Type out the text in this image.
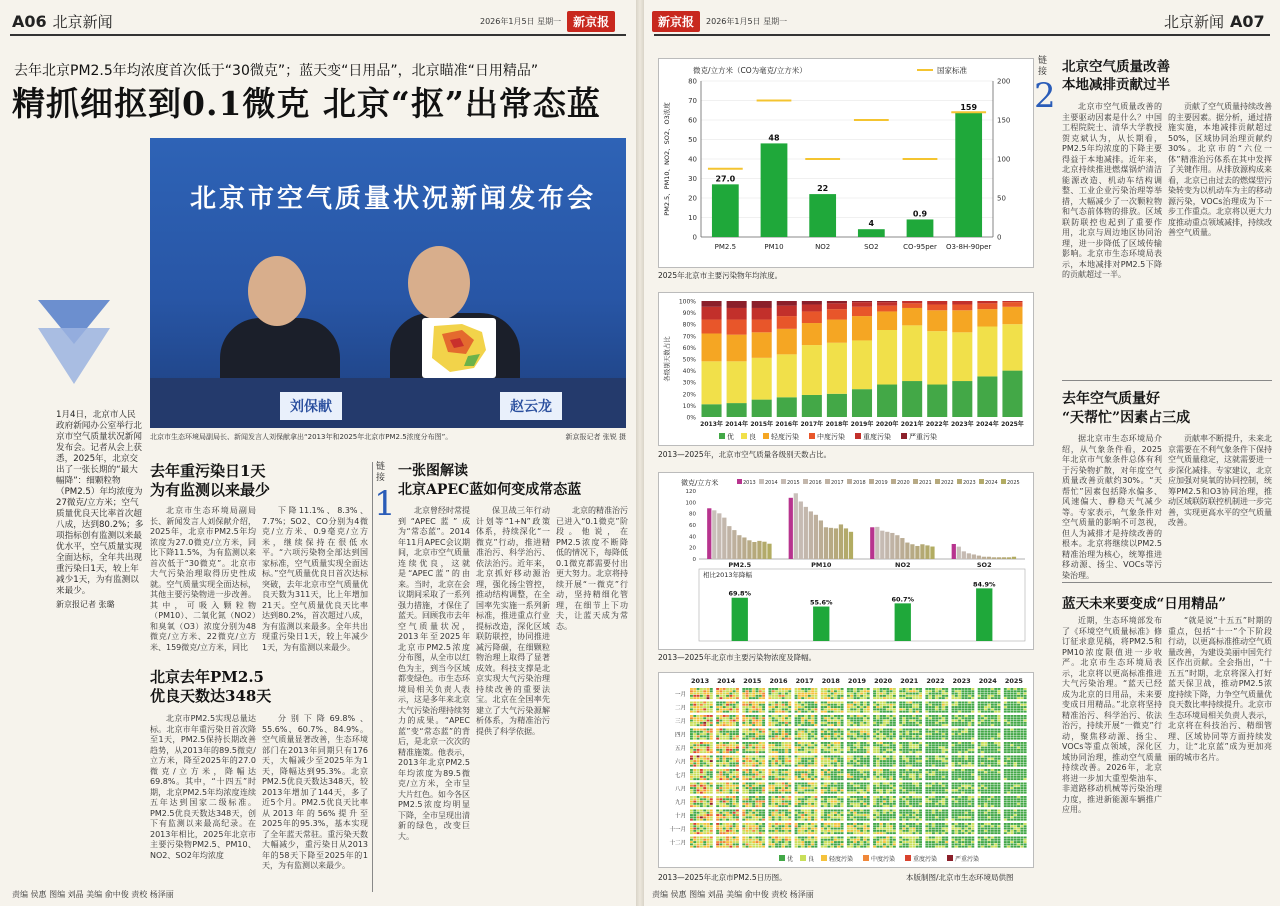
A06 北京新闻	2026年1月5日 星期一	新京报
去年北京PM2.5年均浓度首次低于“30微克”；蓝天变“日用品”，北京瞄准“日用精品”
精抓细抠到0.1微克 北京“抠”出常态蓝
北京市空气质量状况新闻发布会
刘保献	赵云龙
北京市生态环境局副局长、新闻发言人刘保献拿出“2013年和2025年北京市PM2.5浓度分布图”。	新京报记者 张锐 摄
1月4日，北京市人民政府新闻办公室举行北京市空气质量状况新闻发布会。记者从会上获悉，2025年，北京交出了一张长期的“最大幅降”：细颗粒物（PM2.5）年均浓度为27微克/立方米；空气质量优良天比率首次超八成，达到80.2%；多项指标创有监测以来最优水平，空气质量实现全面达标，全年共出现重污染日1天，较上年减少1天，为有监测以来最少。
新京报记者 张璐
去年重污染日1天
为有监测以来最少

北京市生态环境局副局长、新闻发言人刘保献介绍，2025年，北京市PM2.5年均浓度为27.0微克/立方米，同比下降11.5%，为有监测以来首次低于“30微克”。北京市大气污染治理取得历史性成就。空气质量实现全面达标，其他主要污染物进一步改善。其中，可吸入颗粒物（PM10）、二氧化氮（NO2）和臭氧（O3）浓度分别为48微克/立方米、22微克/立方米、159微克/立方米，同比

下降11.1%、8.3%、7.7%；SO2、CO分别为4微克/立方米、0.9毫克/立方米，继续保持在很低水平。“六项污染物全部达到国家标准，空气质量实现全面达标。”空气质量优良日首次达标突破，去年北京市空气质量优良天数为311天，比上年增加21天。空气质量优良天比率达到80.2%，首次超过八成，为有监测以来最多。全年共出现重污染日1天，较上年减少1天，为有监测以来最少。

链接
1
一张图解读
北京APEC蓝如何变成常态蓝

北京曾经时常提到“APEC蓝”成为“常态蓝”。2014年11月APEC会议期间，北京市空气质量连续优良，这就是“APEC蓝”的由来。当时，北京在会议期间采取了一系列强力措施，才保住了蓝天。回顾我市去年空气质量状况，2013年至2025年北京市PM2.5浓度分布图，从全市以红色为主，到当今区域都变绿色。市生态环境局相关负责人表示，这是多年来北京大气污染治理持续努力的成果。“APEC蓝”变“常态蓝”的背后，是北京一次次的精准施策。他表示，2013年北京PM2.5年均浓度为89.5微克/立方米，全市呈大片红色。如今各区PM2.5浓度均明显下降，全市呈现出清新的绿色，改变巨大。

保卫战三年行动计划等“1+N”政策体系，持续深化“一微克”行动，推进精准治污、科学治污、依法治污。近年来，北京抓好移动源治理，强化扬尘管控，推动结构调整，在全国率先实施一系列新标准，推进重点行业提标改造，深化区域联防联控，协同推进减污降碳，在细颗粒物治理上取得了显著成效。科技支撑是北京实现大气污染治理持续改善的重要法宝。北京在全国率先建立了大气污染源解析体系，为精准治污提供了科学依据。

北京的精准治污已进入“0.1微克”阶段。他说，在PM2.5浓度不断降低的情况下，每降低0.1微克都需要付出更大努力。北京将持续开展“一微克”行动，坚持精细化管理，在细节上下功夫，让蓝天成为常态。

北京去年PM2.5
优良天数达348天

北京市PM2.5实现总量达标。北京市年重污染日首次降至1天，PM2.5保持长期改善趋势，从2013年的89.5微克/立方米，降至2025年的27.0微克/立方米，降幅达69.8%。其中，“十四五”时期，北京PM2.5年均浓度连续五年达到国家二级标准。PM2.5优良天数达348天，创下有监测以来最高纪录。在2013年相比，2025年北京市主要污染物PM2.5、PM10、NO2、SO2年均浓度

分别下降69.8%、55.6%、60.7%、84.9%。空气质量显著改善，生态环境部门在2013年同期只有176天，大幅减少至2025年为1天，降幅达到95.3%。北京PM2.5优良天数达348天，较2013年增加了144天，多了近5个月。PM2.5优良天比率从2013年的56%提升至2025年的95.3%，基本实现了全年蓝天常驻。重污染天数大幅减少，重污染日从2013年的58天下降至2025年的1天，为有监测以来最少。

责编 侯惠 图编 刘晶 美编 俞中俊 责校 杨泽丽
新京报	2026年1月5日 星期一	北京新闻 A07
微克/立方米（CO为毫克/立方米）	国家标准
PM2.5、PM10、NO2、SO2、O3浓度
0
10
20
30
40
50
60
70
80
0
50
100
150
200
27.0
PM2.5
48
PM10
22
NO2
4
SO2
0.9
CO-95per
159
O3-8H-90per
2025年北京市主要污染物年均浓度。
各级别天数占比
0%
10%
20%
30%
40%
50%
60%
70%
80%
90%
100%
2013年 2014年 2015年 2016年 2017年 2018年 2019年 2020年 2021年 2022年 2023年 2024年 2025年
优 良 轻度污染	中度污染	重度污染	严重污染
2013—2025年，北京市空气质量各级别天数占比。
微克/立方米	2013 2014 2015 2016 2017 2018 2019 2020 2021 2022 2023 2024 2025
0
20
40
60
80
100
120
PM2.5	PM10	NO2	SO2
相比2013年降幅
69.8%
55.6%	60.7%
84.9%
2013—2025年北京市主要污染物浓度及降幅。
2013 2014 2015 2016 2017 2018 2019 2020 2021 2022 2023 2024 2025
一月
二月
三月
四月
五月
六月
七月
八月
九月
十月
十一月
十二月
优 良 轻度污染	中度污染	重度污染	严重污染
2013—2025年北京市PM2.5日历图。	本版制图/北京市生态环境局供图
链接
2
北京空气质量改善
本地减排贡献过半

北京市空气质量改善的主要驱动因素是什么？中国工程院院士、清华大学教授贺克斌认为，从长期看，PM2.5年均浓度的下降主要得益于本地减排。近年来，北京持续推进燃煤锅炉清洁能源改造、机动车结构调整、工业企业污染治理等举措，大幅减少了一次颗粒物和气态前体物的排放。区域联防联控也起到了重要作用，北京与周边地区协同治理，进一步降低了区域传输影响。北京市生态环境局表示，本地减排对PM2.5下降的贡献超过一半。

贡献了空气质量持续改善的主要因素。据分析，通过措施实施，本地减排贡献超过50%，区域协同治理贡献约30%。北京市的“六位一体”精准治污体系在其中发挥了关键作用。从排放源构成来看，北京已由过去的燃煤型污染转变为以机动车为主的移动源污染，VOCs治理成为下一步工作重点。北京将以更大力度推动重点领域减排，持续改善空气质量。

去年空气质量好
“天帮忙”因素占三成

据北京市生态环境局介绍，从气象条件看，2025年北京市气象条件总体有利于污染物扩散，对年度空气质量改善贡献约30%。“天帮忙”因素包括降水偏多、风速偏大、静稳天气减少等。专家表示，气象条件对空气质量的影响不可忽视，但人为减排才是持续改善的根本。北京将继续以PM2.5精准治理为核心，统筹推进移动源、扬尘、VOCs等污染治理。

贡献率不断提升，未来北京需要在不利气象条件下保持空气质量稳定，这就需要进一步深化减排。专家建议，北京应加强对臭氧的协同控制，统筹PM2.5和O3协同治理，推动区域联防联控机制进一步完善，实现更高水平的空气质量改善。

蓝天未来要变成“日用精品”

近期，生态环境部发布了《环境空气质量标准》修订征求意见稿，将PM2.5和PM10浓度限值进一步收严。北京市生态环境局表示，北京将以更高标准推进大气污染治理。“蓝天已经成为北京的日用品，未来要变成日用精品。”北京将坚持精准治污、科学治污、依法治污，持续开展“一微克”行动，聚焦移动源、扬尘、VOCs等重点领域，深化区域协同治理，推动空气质量持续改善。2026年，北京将进一步加大重型柴油车、非道路移动机械等污染治理力度，推进新能源车辆推广应用。

“就是说”十五五”时期的重点，包括“十一”个下阶段行动，以更高标准推动空气质量改善，为建设美丽中国先行区作出贡献。全会指出，“十五五”时期，北京将深入打好蓝天保卫战，推动PM2.5浓度持续下降，力争空气质量优良天数比率持续提升。北京市生态环境局相关负责人表示，北京将在科技治污、精细管理、区域协同等方面持续发力，让“北京蓝”成为更加亮丽的城市名片。

责编 侯惠 图编 刘晶 美编 俞中俊 责校 杨泽丽
